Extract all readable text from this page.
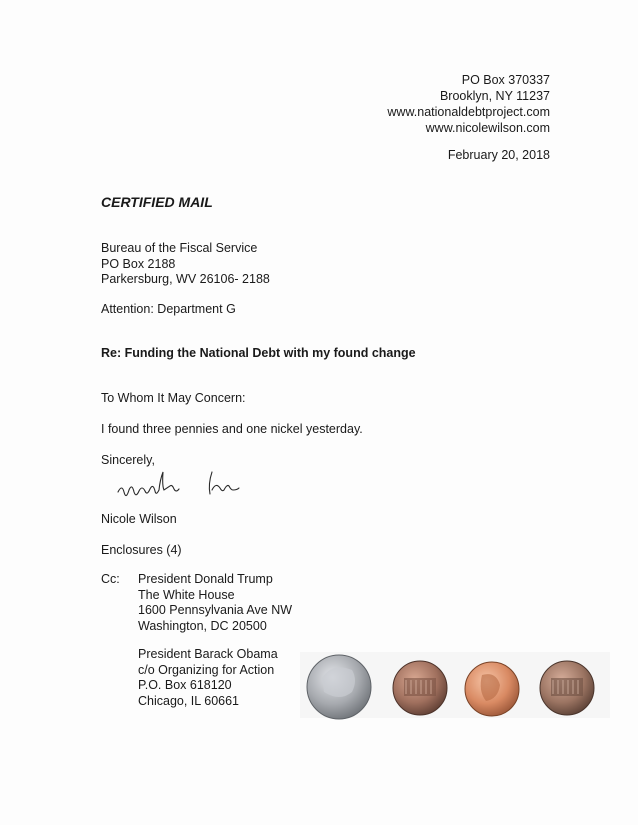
PO Box 370337
Brooklyn, NY 11237
www.nationaldebtproject.com
www.nicolewilson.com
February 20, 2018
CERTIFIED MAIL
Bureau of the Fiscal Service
PO Box 2188
Parkersburg, WV 26106- 2188
Attention: Department G
Re: Funding the National Debt with my found change
To Whom It May Concern:
I found three pennies and one nickel yesterday.
Sincerely,
Nicole Wilson
Enclosures (4)
Cc: President Donald Trump
The White House
1600 Pennsylvania Ave NW
Washington, DC 20500
President Barack Obama
c/o Organizing for Action
P.O. Box 618120
Chicago, IL 60661
